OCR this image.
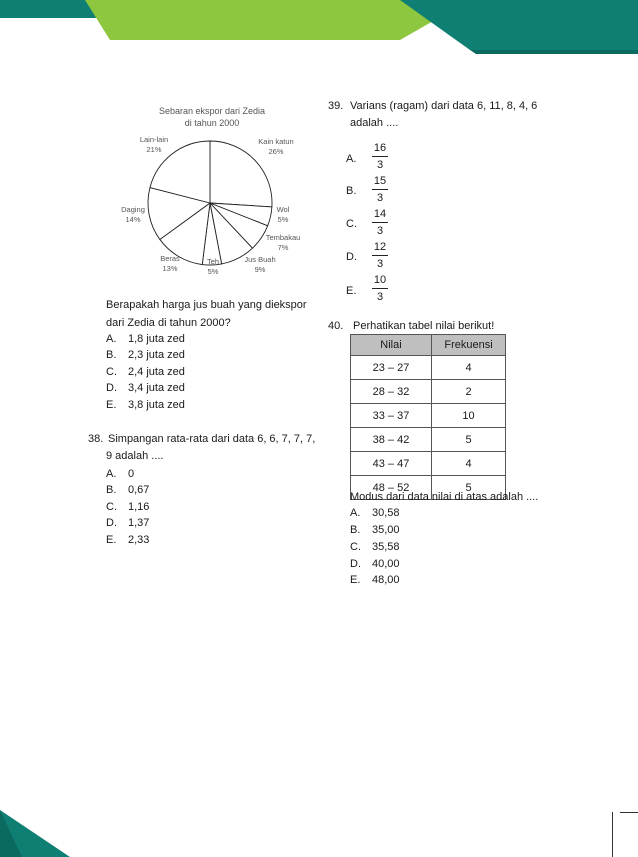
Sebaran ekspor dari Zedia
di tahun 2000
Kain katun
26%
Wol
5%
Tembakau
7%
Jus Buah
9%
Teh
5%
Beras
13%
Daging
14%
Lain-lain
21%
Berapakah harga jus buah yang diekspor
dari Zedia di tahun 2000?
A. 1,8 juta zed
B. 2,3 juta zed
C. 2,4 juta zed
D. 3,4 juta zed
E. 3,8 juta zed
38. Simpangan rata-rata dari data 6, 6, 7, 7, 7,
9 adalah ....
A. 0
B. 0,67
C. 1,16
D. 1,37
E. 2,33
39. Varians (ragam) dari data 6, 11, 8, 4, 6
adalah ....
A. $\frac{16}{3}$
B. $\frac{15}{3}$
C. $\frac{14}{3}$
D. $\frac{12}{3}$
E. $\frac{10}{3}$
40. Perhatikan tabel nilai berikut!
Nilai	Frekuensi
23 – 27	4
28 – 32	2
33 – 37	10
38 – 42	5
43 – 47	4
48 – 52	5
Modus dari data nilai di atas adalah ....
A. 30,58
B. 35,00
C. 35,58
D. 40,00
E. 48,00
